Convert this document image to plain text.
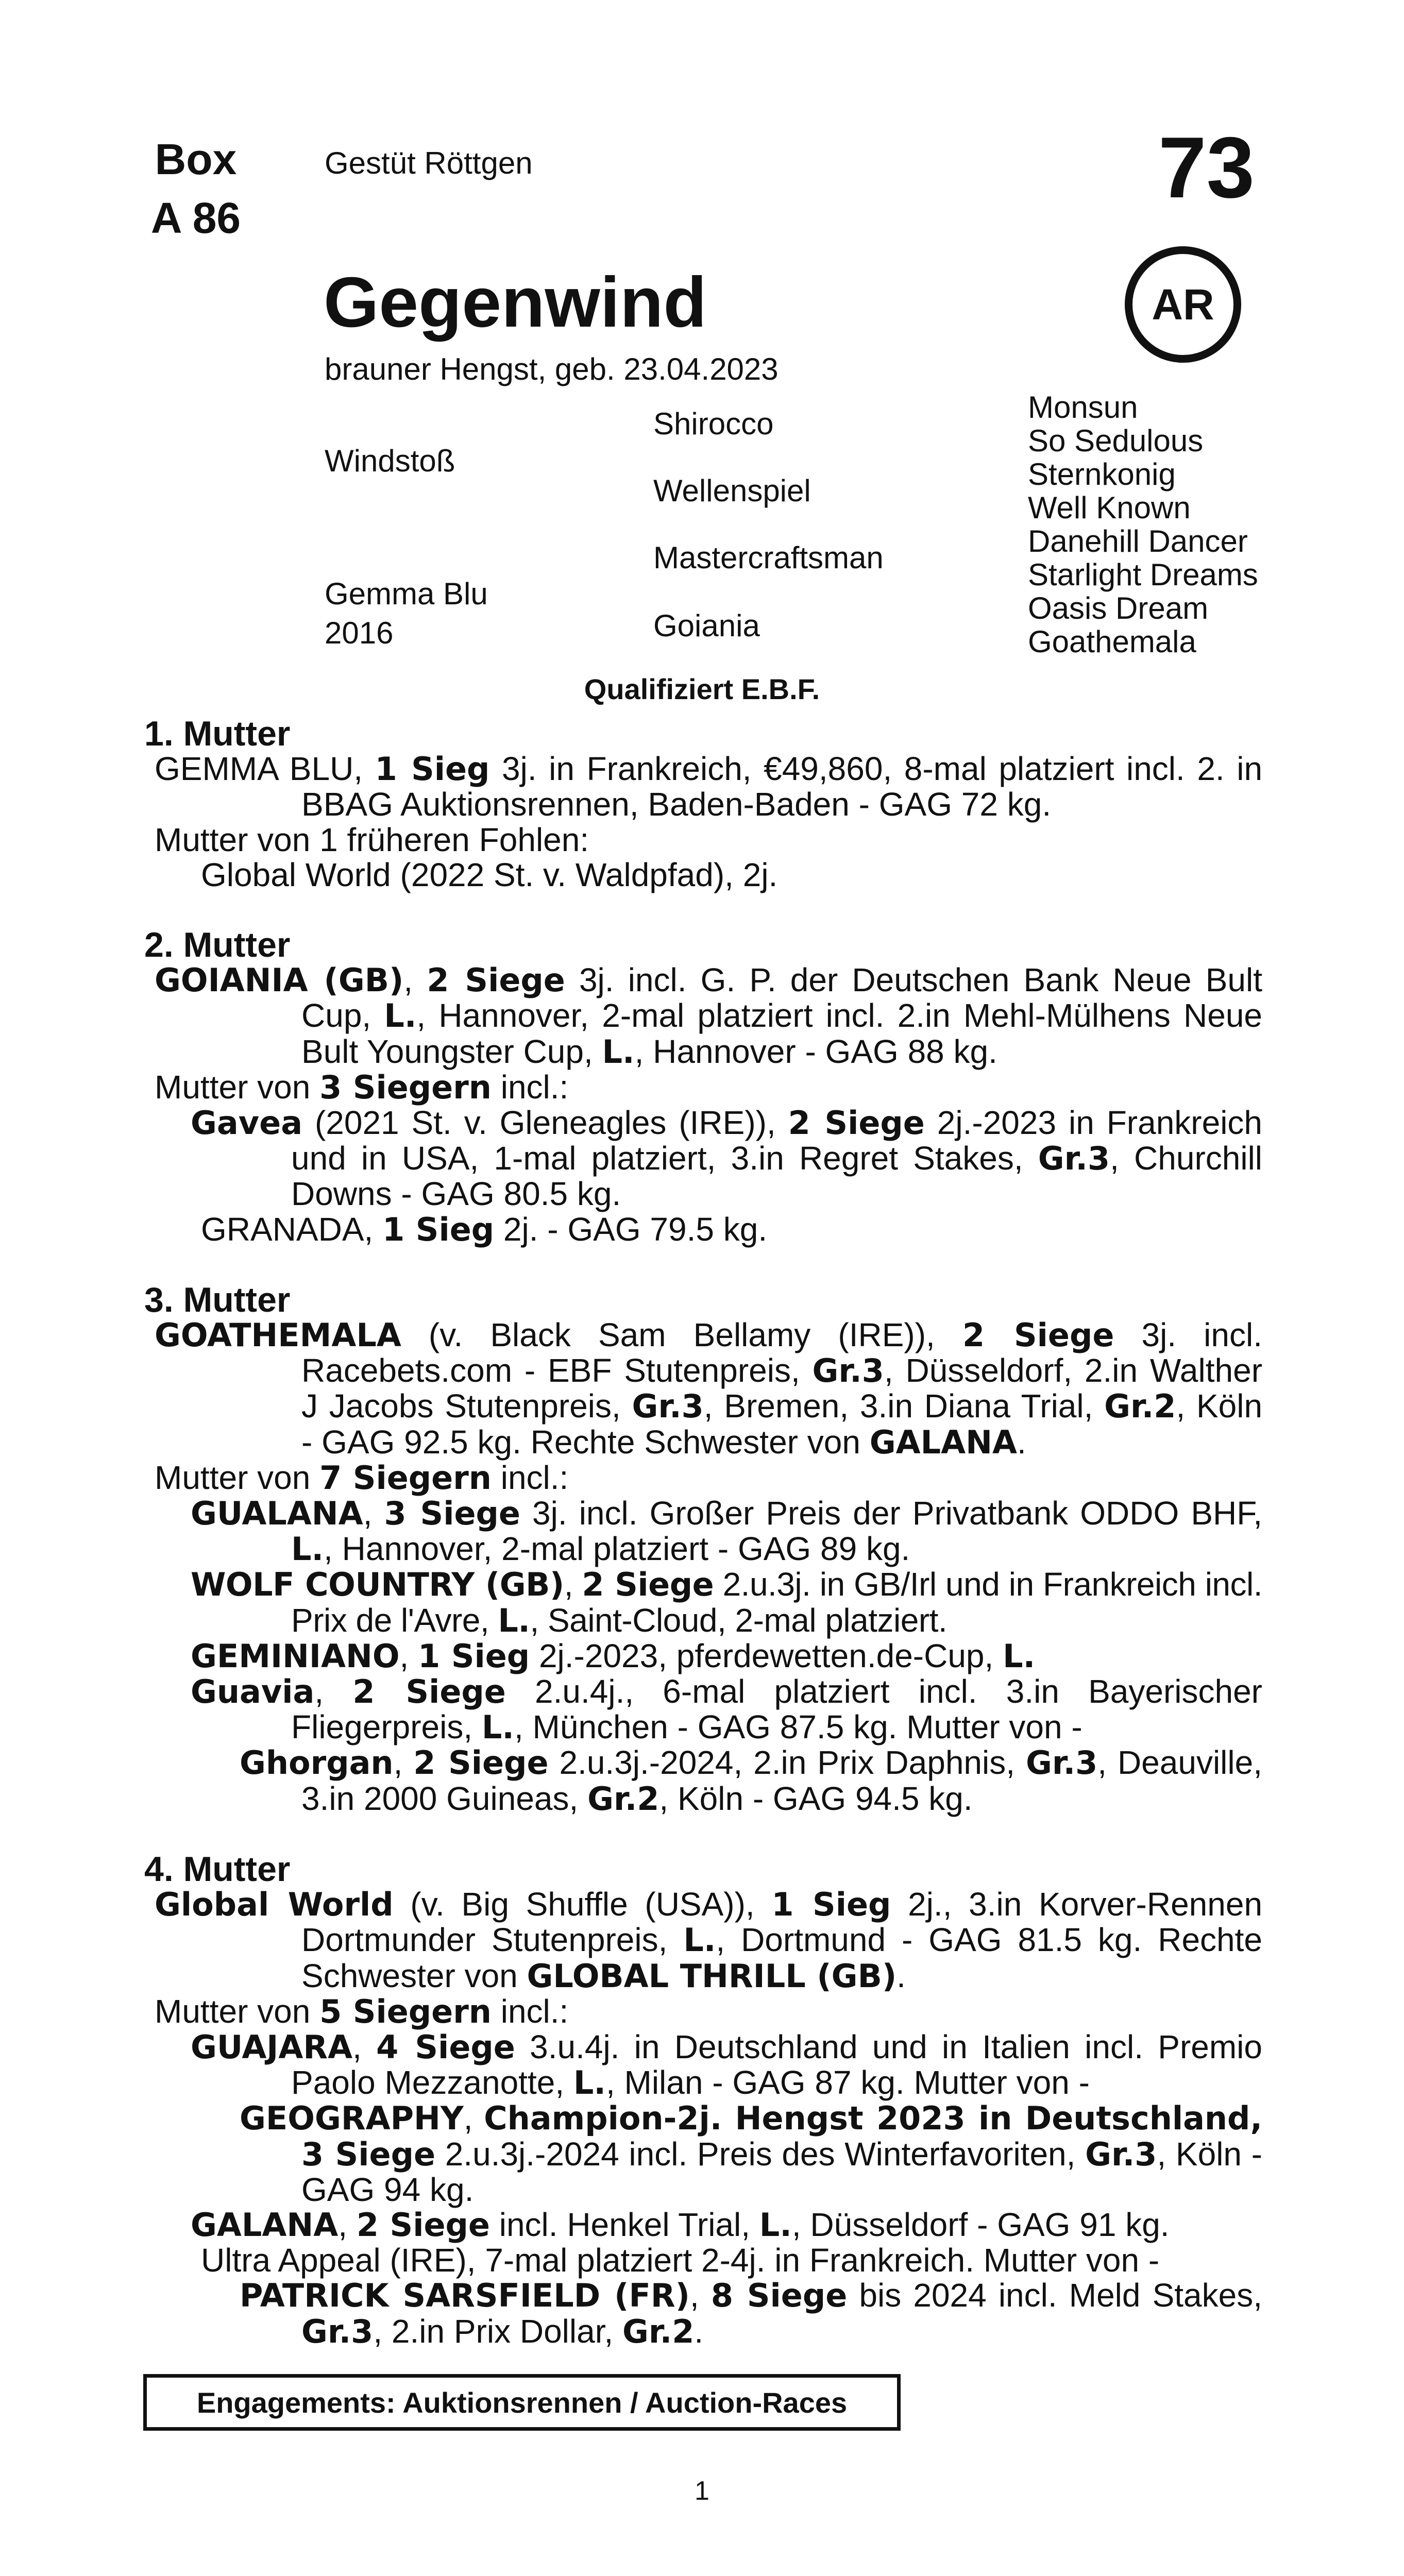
Box
A 86
Gestüt Röttgen	73
AR
Gegenwind
brauner Hengst, geb. 23.04.2023
Windstoß
Gemma Blu
2016
Shirocco
Wellenspiel
Mastercraftsman
Goiania
Monsun
So Sedulous
Sternkonig
Well Known
Danehill Dancer
Starlight Dreams
Oasis Dream
Goathemala
Qualifiziert E.B.F.
1. Mutter
GEMMA BLU, 1 Sieg 3j. in Frankreich, €49,860, 8-mal platziert incl. 2. in BBAG Auktionsrennen, Baden-Baden - GAG 72 kg.
Mutter von 1 früheren Fohlen:
Global World (2022 St. v. Waldpfad), 2j.
2. Mutter
GOIANIA (GB), 2 Siege 3j. incl. G. P. der Deutschen Bank Neue Bult Cup, L., Hannover, 2-mal platziert incl. 2.in Mehl-Mülhens Neue Bult Youngster Cup, L., Hannover - GAG 88 kg.
Mutter von 3 Siegern incl.:
Gavea (2021 St. v. Gleneagles (IRE)), 2 Siege 2j.-2023 in Frankreich und in USA, 1-mal platziert, 3.in Regret Stakes, Gr.3, Churchill Downs - GAG 80.5 kg.
GRANADA, 1 Sieg 2j. - GAG 79.5 kg.
3. Mutter
GOATHEMALA (v. Black Sam Bellamy (IRE)), 2 Siege 3j. incl. Racebets.com - EBF Stutenpreis, Gr.3, Düsseldorf, 2.in Walther J Jacobs Stutenpreis, Gr.3, Bremen, 3.in Diana Trial, Gr.2, Köln - GAG 92.5 kg. Rechte Schwester von GALANA.
Mutter von 7 Siegern incl.:
GUALANA, 3 Siege 3j. incl. Großer Preis der Privatbank ODDO BHF, L., Hannover, 2-mal platziert - GAG 89 kg.
WOLF COUNTRY (GB), 2 Siege 2.u.3j. in GB/Irl und in Frankreich incl. Prix de l'Avre, L., Saint-Cloud, 2-mal platziert.
GEMINIANO, 1 Sieg 2j.-2023, pferdewetten.de-Cup, L.
Guavia, 2 Siege 2.u.4j., 6-mal platziert incl. 3.in Bayerischer Fliegerpreis, L., München - GAG 87.5 kg. Mutter von -
Ghorgan, 2 Siege 2.u.3j.-2024, 2.in Prix Daphnis, Gr.3, Deauville, 3.in 2000 Guineas, Gr.2, Köln - GAG 94.5 kg.
4. Mutter
Global World (v. Big Shuffle (USA)), 1 Sieg 2j., 3.in Korver-Rennen Dortmunder Stutenpreis, L., Dortmund - GAG 81.5 kg. Rechte Schwester von GLOBAL THRILL (GB).
Mutter von 5 Siegern incl.:
GUAJARA, 4 Siege 3.u.4j. in Deutschland und in Italien incl. Premio Paolo Mezzanotte, L., Milan - GAG 87 kg. Mutter von -
GEOGRAPHY, Champion-2j. Hengst 2023 in Deutschland, 3 Siege 2.u.3j.-2024 incl. Preis des Winterfavoriten, Gr.3, Köln - GAG 94 kg.
GALANA, 2 Siege incl. Henkel Trial, L., Düsseldorf - GAG 91 kg.
Ultra Appeal (IRE), 7-mal platziert 2-4j. in Frankreich. Mutter von -
PATRICK SARSFIELD (FR), 8 Siege bis 2024 incl. Meld Stakes, Gr.3, 2.in Prix Dollar, Gr.2.
Engagements: Auktionsrennen / Auction-Races
1
